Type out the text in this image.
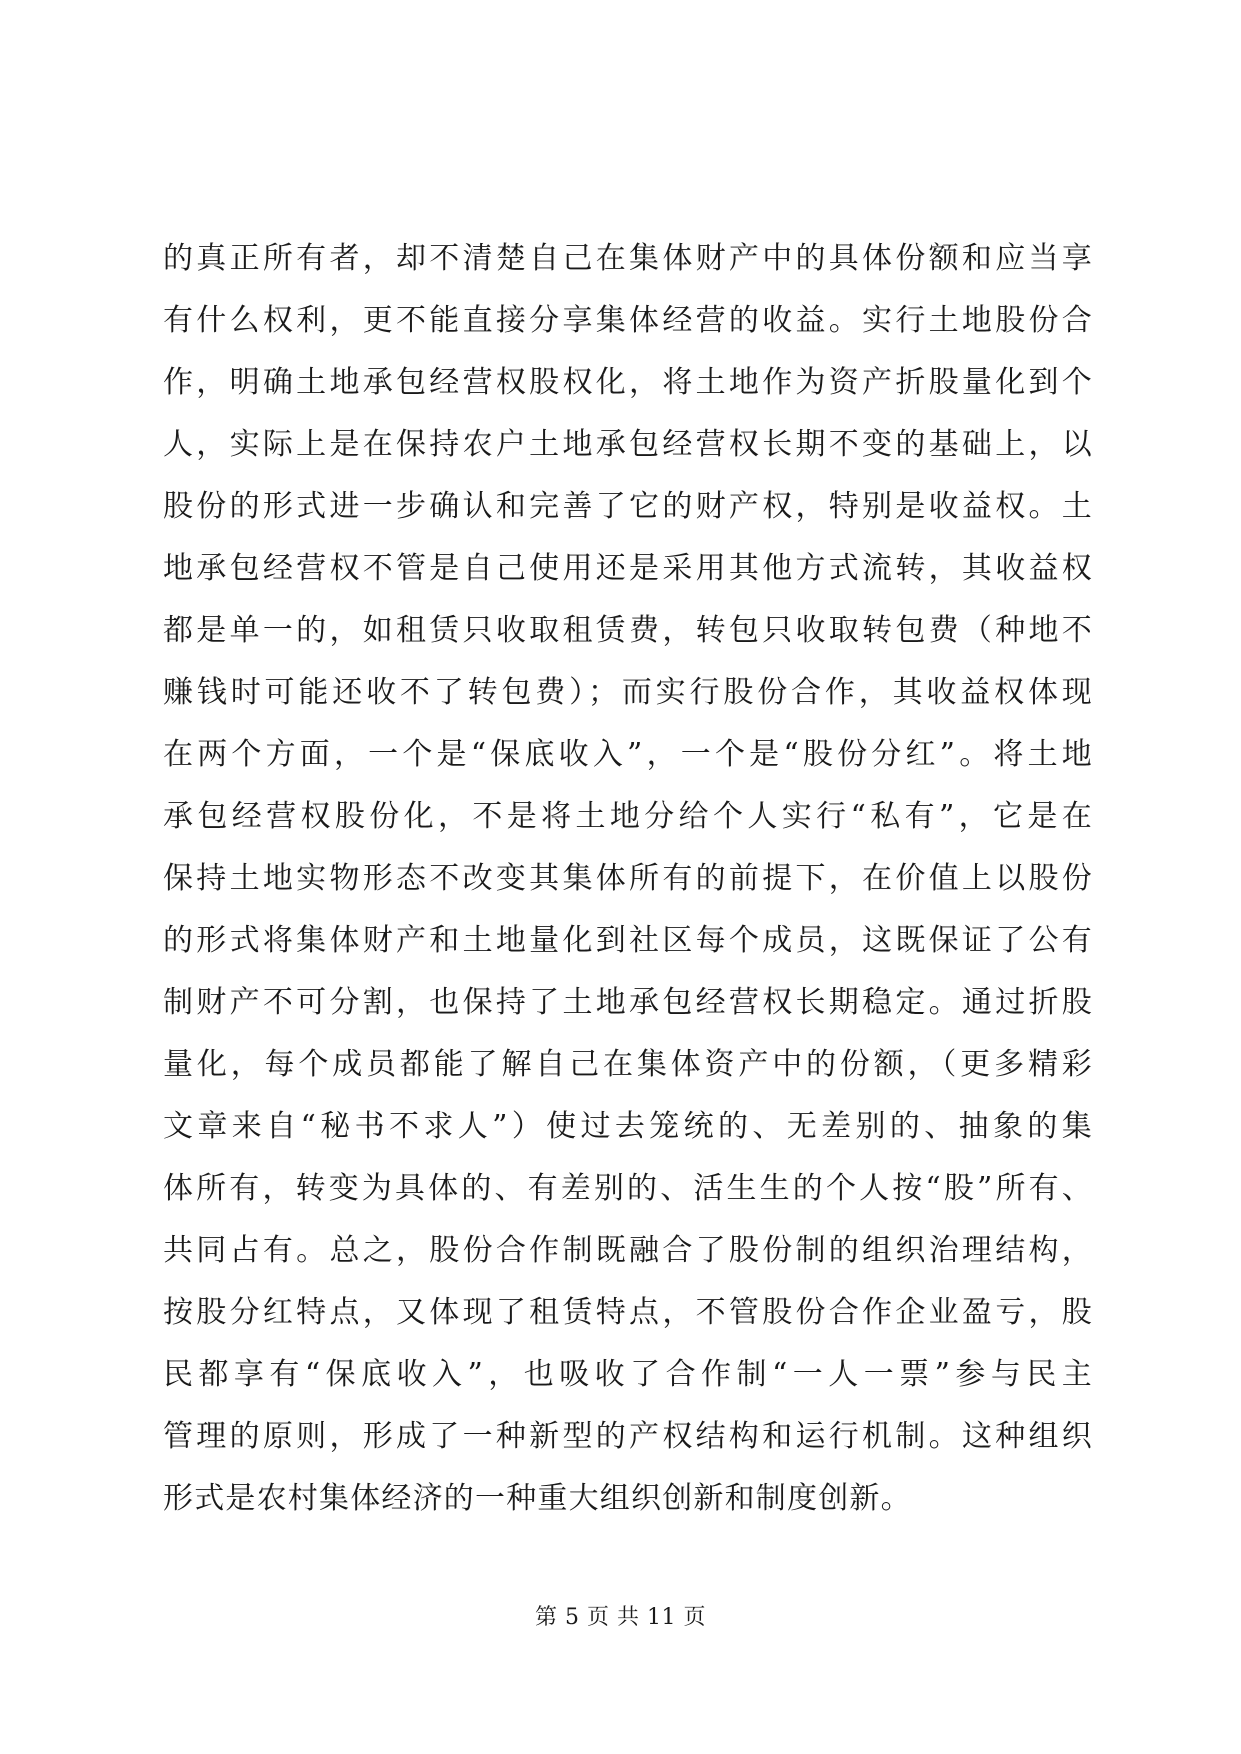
的真正所有者，却不清楚自己在集体财产中的具体份额和应当享
有什么权利，更不能直接分享集体经营的收益。实行土地股份合
作，明确土地承包经营权股权化，将土地作为资产折股量化到个
人，实际上是在保持农户土地承包经营权长期不变的基础上，以
股份的形式进一步确认和完善了它的财产权，特别是收益权。土
地承包经营权不管是自己使用还是采用其他方式流转，其收益权
都是单一的，如租赁只收取租赁费，转包只收取转包费（种地不
赚钱时可能还收不了转包费）；而实行股份合作，其收益权体现
在两个方面，一个是“保底收入”，一个是“股份分红”。将土地
承包经营权股份化，不是将土地分给个人实行“私有”，它是在
保持土地实物形态不改变其集体所有的前提下，在价值上以股份
的形式将集体财产和土地量化到社区每个成员，这既保证了公有
制财产不可分割，也保持了土地承包经营权长期稳定。通过折股
量化，每个成员都能了解自己在集体资产中的份额，（更多精彩
文章来自“秘书不求人”）使过去笼统的、无差别的、抽象的集
体所有，转变为具体的、有差别的、活生生的个人按“股”所有、
共同占有。总之，股份合作制既融合了股份制的组织治理结构，
按股分红特点，又体现了租赁特点，不管股份合作企业盈亏，股
民都享有“保底收入”，也吸收了合作制“一人一票”参与民主
管理的原则，形成了一种新型的产权结构和运行机制。这种组织
形式是农村集体经济的一种重大组织创新和制度创新。
第 5 页 共 11 页
